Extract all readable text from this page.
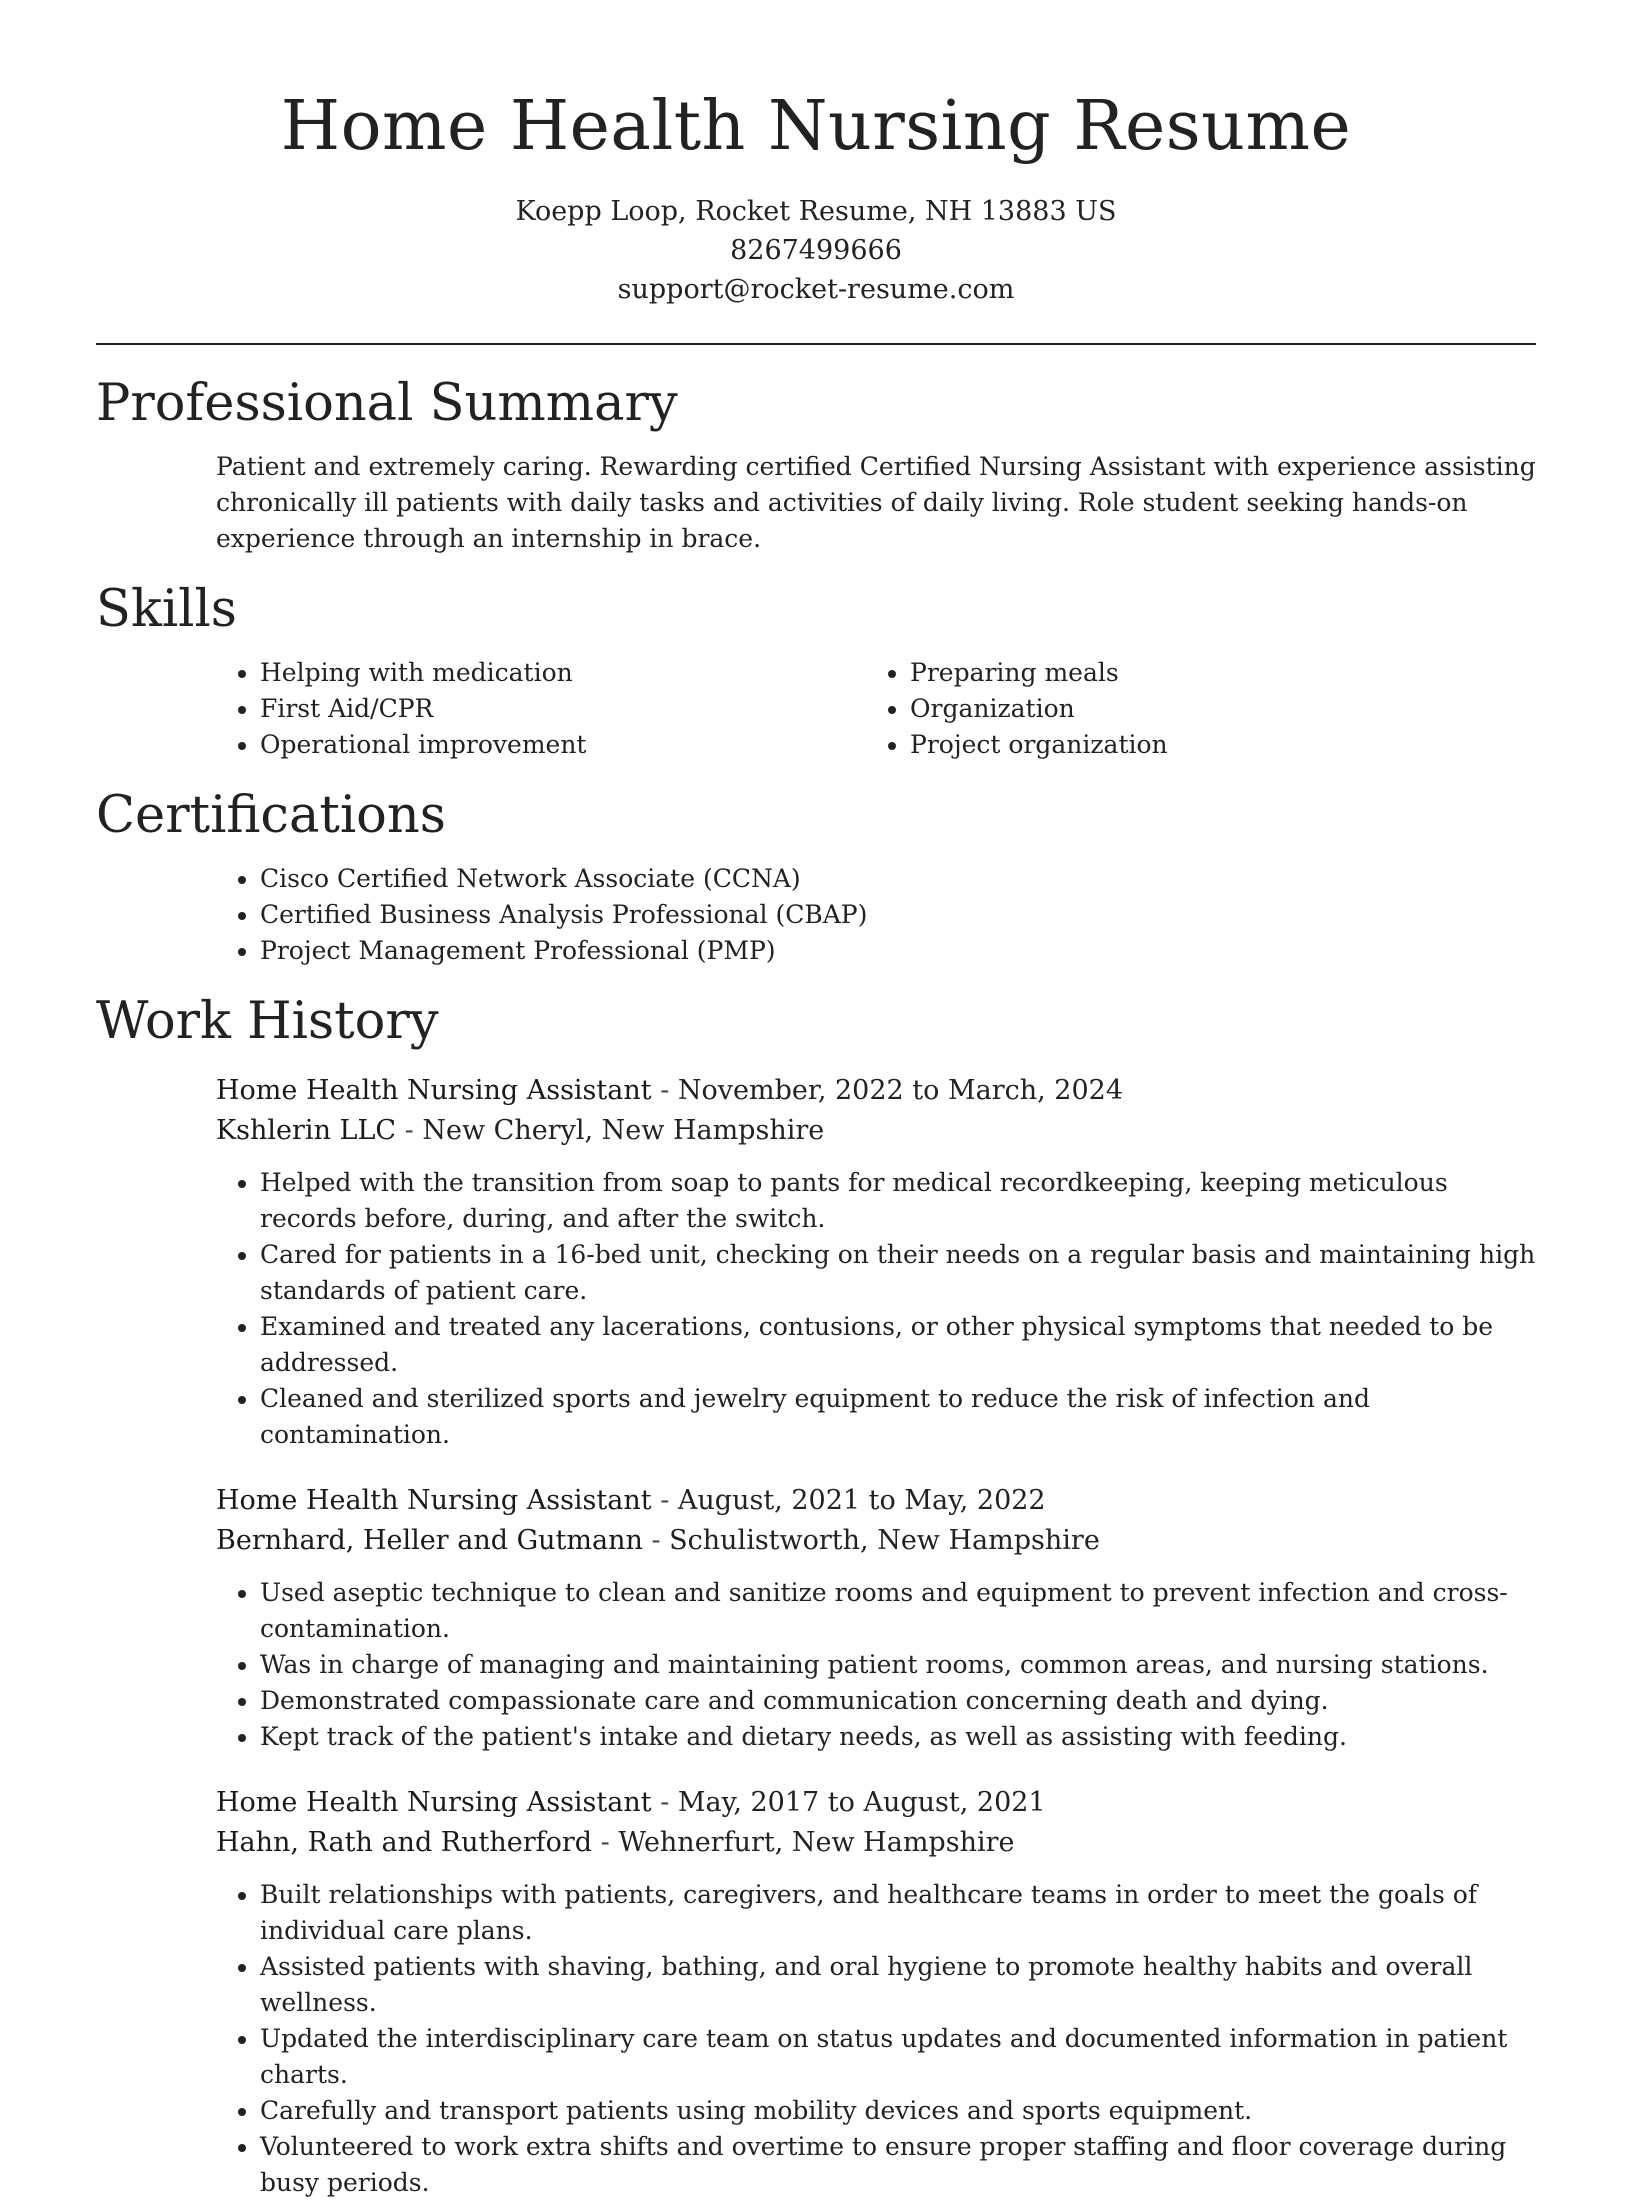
Home Health Nursing Resume

Koepp Loop, Rocket Resume, NH 13883 US

8267499666

support@rocket-resume.com

Professional Summary

Patient and extremely caring. Rewarding certified Certified Nursing Assistant with experience assisting chronically ill patients with daily tasks and activities of daily living. Role student seeking hands-on experience through an internship in brace.

Skills
• Helping with medication
• First Aid/CPR
• Operational improvement
• Preparing meals
• Organization
• Project organization
Certifications
• Cisco Certified Network Associate (CCNA)
• Certified Business Analysis Professional (CBAP)
• Project Management Professional (PMP)
Work History

Home Health Nursing Assistant - November, 2022 to March, 2024

Kshlerin LLC - New Cheryl, New Hampshire

• Helped with the transition from soap to pants for medical recordkeeping, keeping meticulous records before, during, and after the switch.
• Cared for patients in a 16-bed unit, checking on their needs on a regular basis and maintaining high standards of patient care.
• Examined and treated any lacerations, contusions, or other physical symptoms that needed to be addressed.
• Cleaned and sterilized sports and jewelry equipment to reduce the risk of infection and contamination.

Home Health Nursing Assistant - August, 2021 to May, 2022

Bernhard, Heller and Gutmann - Schulistworth, New Hampshire

• Used aseptic technique to clean and sanitize rooms and equipment to prevent infection and cross-contamination.
• Was in charge of managing and maintaining patient rooms, common areas, and nursing stations.
• Demonstrated compassionate care and communication concerning death and dying.
• Kept track of the patient's intake and dietary needs, as well as assisting with feeding.

Home Health Nursing Assistant - May, 2017 to August, 2021

Hahn, Rath and Rutherford - Wehnerfurt, New Hampshire

• Built relationships with patients, caregivers, and healthcare teams in order to meet the goals of individual care plans.
• Assisted patients with shaving, bathing, and oral hygiene to promote healthy habits and overall wellness.
• Updated the interdisciplinary care team on status updates and documented information in patient charts.
• Carefully and transport patients using mobility devices and sports equipment.
• Volunteered to work extra shifts and overtime to ensure proper staffing and floor coverage during busy periods.
